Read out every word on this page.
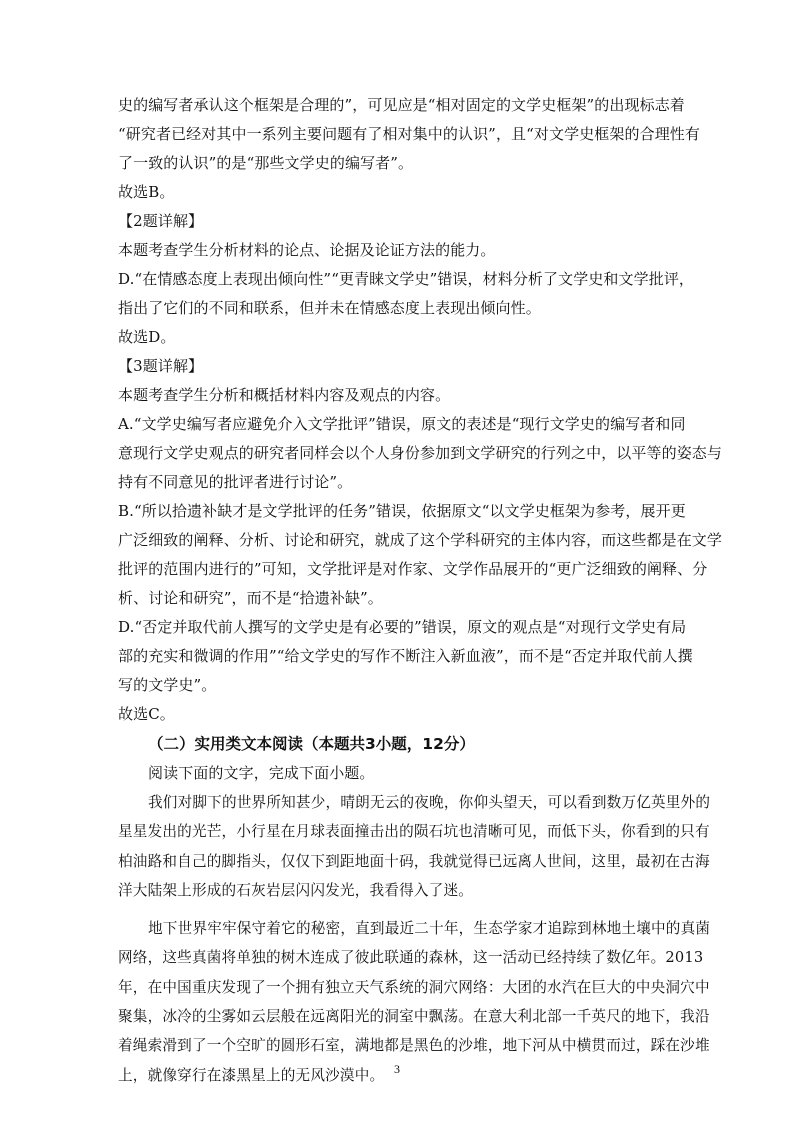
史的编写者承认这个框架是合理的”，可见应是“相对固定的文学史框架”的出现标志着
“研究者已经对其中一系列主要问题有了相对集中的认识”，且“对文学史框架的合理性有
了一致的认识”的是“那些文学史的编写者”。
故选B。
【2题详解】
本题考查学生分析材料的论点、论据及论证方法的能力。
D.“在情感态度上表现出倾向性”“更青睐文学史”错误，材料分析了文学史和文学批评，
指出了它们的不同和联系，但并未在情感态度上表现出倾向性。
故选D。
【3题详解】
本题考查学生分析和概括材料内容及观点的内容。
A.“文学史编写者应避免介入文学批评”错误，原文的表述是“现行文学史的编写者和同
意现行文学史观点的研究者同样会以个人身份参加到文学研究的行列之中，以平等的姿态与
持有不同意见的批评者进行讨论”。
B.“所以拾遗补缺才是文学批评的任务”错误，依据原文“以文学史框架为参考，展开更
广泛细致的阐释、分析、讨论和研究，就成了这个学科研究的主体内容，而这些都是在文学
批评的范围内进行的”可知，文学批评是对作家、文学作品展开的“更广泛细致的阐释、分
析、讨论和研究”，而不是“拾遗补缺”。
D.“否定并取代前人撰写的文学史是有必要的”错误，原文的观点是“对现行文学史有局
部的充实和微调的作用”“给文学史的写作不断注入新血液”，而不是“否定并取代前人撰
写的文学史”。
故选C。
（二）实用类文本阅读（本题共3小题，12分）
阅读下面的文字，完成下面小题。
我们对脚下的世界所知甚少，晴朗无云的夜晚，你仰头望天，可以看到数万亿英里外的
星星发出的光芒，小行星在月球表面撞击出的陨石坑也清晰可见，而低下头，你看到的只有
柏油路和自己的脚指头，仅仅下到距地面十码，我就觉得已远离人世间，这里，最初在古海
洋大陆架上形成的石灰岩层闪闪发光，我看得入了迷。
地下世界牢牢保守着它的秘密，直到最近二十年，生态学家才追踪到林地土壤中的真菌
网络，这些真菌将单独的树木连成了彼此联通的森林，这一活动已经持续了数亿年。2013
年，在中国重庆发现了一个拥有独立天气系统的洞穴网络：大团的水汽在巨大的中央洞穴中
聚集，冰冷的尘雾如云层般在远离阳光的洞室中飘荡。在意大利北部一千英尺的地下，我沿
着绳索滑到了一个空旷的圆形石室，满地都是黑色的沙堆，地下河从中横贯而过，踩在沙堆
上，就像穿行在漆黑星上的无风沙漠中。 3
